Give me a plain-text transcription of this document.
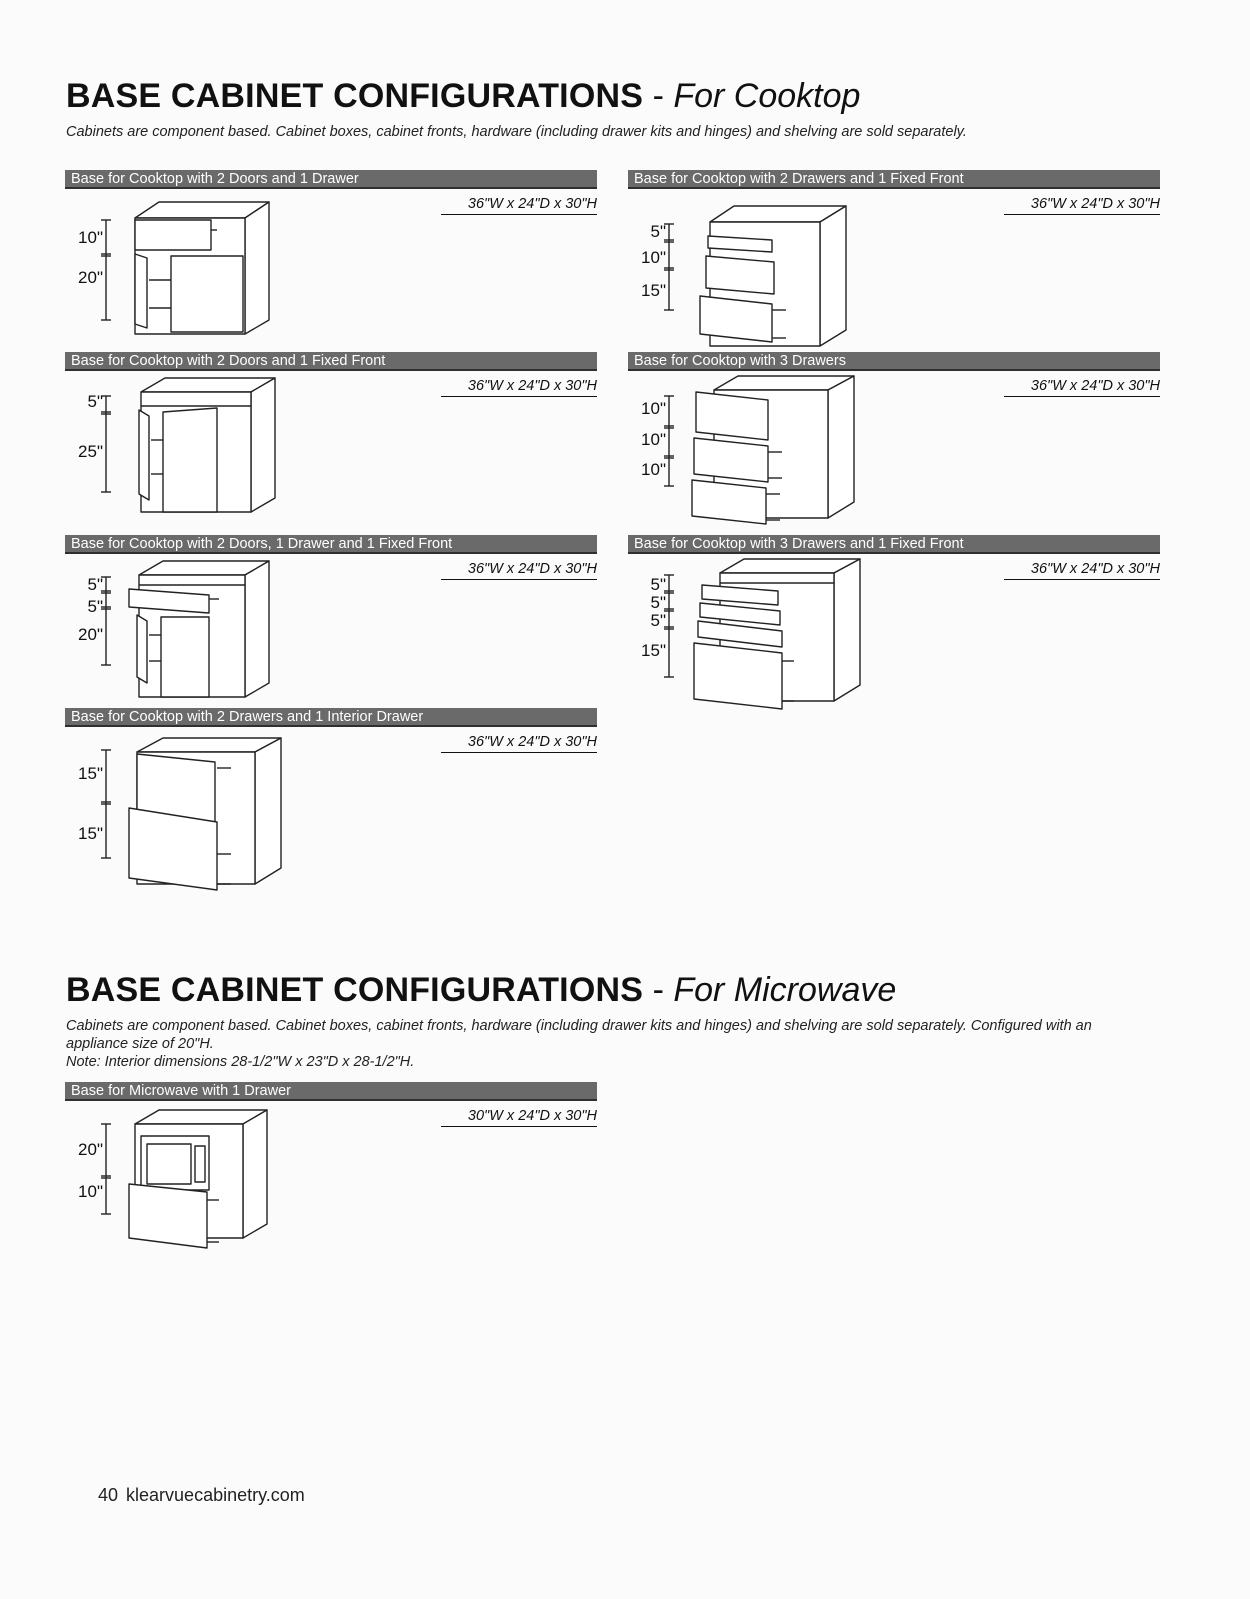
BASE CABINET CONFIGURATIONS - For Cooktop

Cabinets are component based. Cabinet boxes, cabinet fronts, hardware (including drawer kits and hinges) and shelving are sold separately.

Base for Cooktop with 2 Doors and 1 Drawer
36"W x 24"D x 30"H
10"
20"
Base for Cooktop with 2 Drawers and 1 Fixed Front
36"W x 24"D x 30"H
5"
10"
15"
Base for Cooktop with 2 Doors and 1 Fixed Front
36"W x 24"D x 30"H
5"
25"
Base for Cooktop with 3 Drawers
36"W x 24"D x 30"H
10"
10"
10"
Base for Cooktop with 2 Doors, 1 Drawer and 1 Fixed Front
36"W x 24"D x 30"H
5"
5"
20"
Base for Cooktop with 3 Drawers and 1 Fixed Front
36"W x 24"D x 30"H
5"
5"
5"
15"
Base for Cooktop with 2 Drawers and 1 Interior Drawer
36"W x 24"D x 30"H
15"
15"
BASE CABINET CONFIGURATIONS - For Microwave

Cabinets are component based. Cabinet boxes, cabinet fronts, hardware (including drawer kits and hinges) and shelving are sold separately. Configured with an

appliance size of 20"H.

Note: Interior dimensions 28-1/2"W x 23"D x 28-1/2"H.

Base for Microwave with 1 Drawer
30"W x 24"D x 30"H
20"
10"

40 klearvuecabinetry.com
